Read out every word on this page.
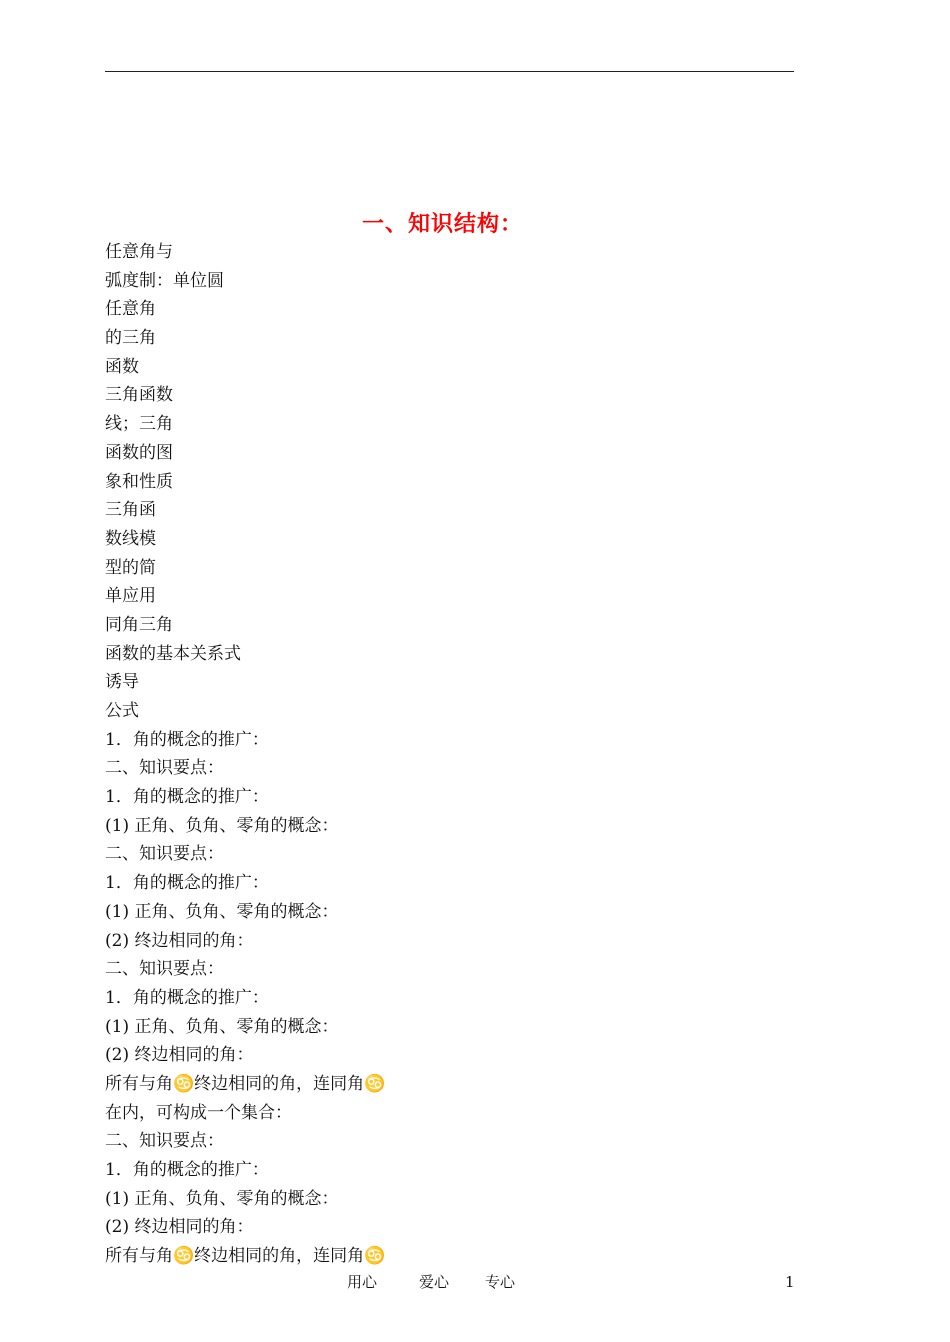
一、知识结构：
任意角与
弧度制：单位圆
任意角
的三角
函数
三角函数
线；三角
函数的图
象和性质
三角函
数线模
型的简
单应用
同角三角
函数的基本关系式
诱导
公式
1．角的概念的推广：
二、知识要点：
1．角的概念的推广：
(1) 正角、负角、零角的概念：
二、知识要点：
1．角的概念的推广：
(1) 正角、负角、零角的概念：
(2) 终边相同的角：
二、知识要点：
1．角的概念的推广：
(1) 正角、负角、零角的概念：
(2) 终边相同的角：
所有与角♋终边相同的角，连同角♋
在内，可构成一个集合：
二、知识要点：
1．角的概念的推广：
(1) 正角、负角、零角的概念：
(2) 终边相同的角：
所有与角♋终边相同的角，连同角♋
用心	爱心	专心	1
